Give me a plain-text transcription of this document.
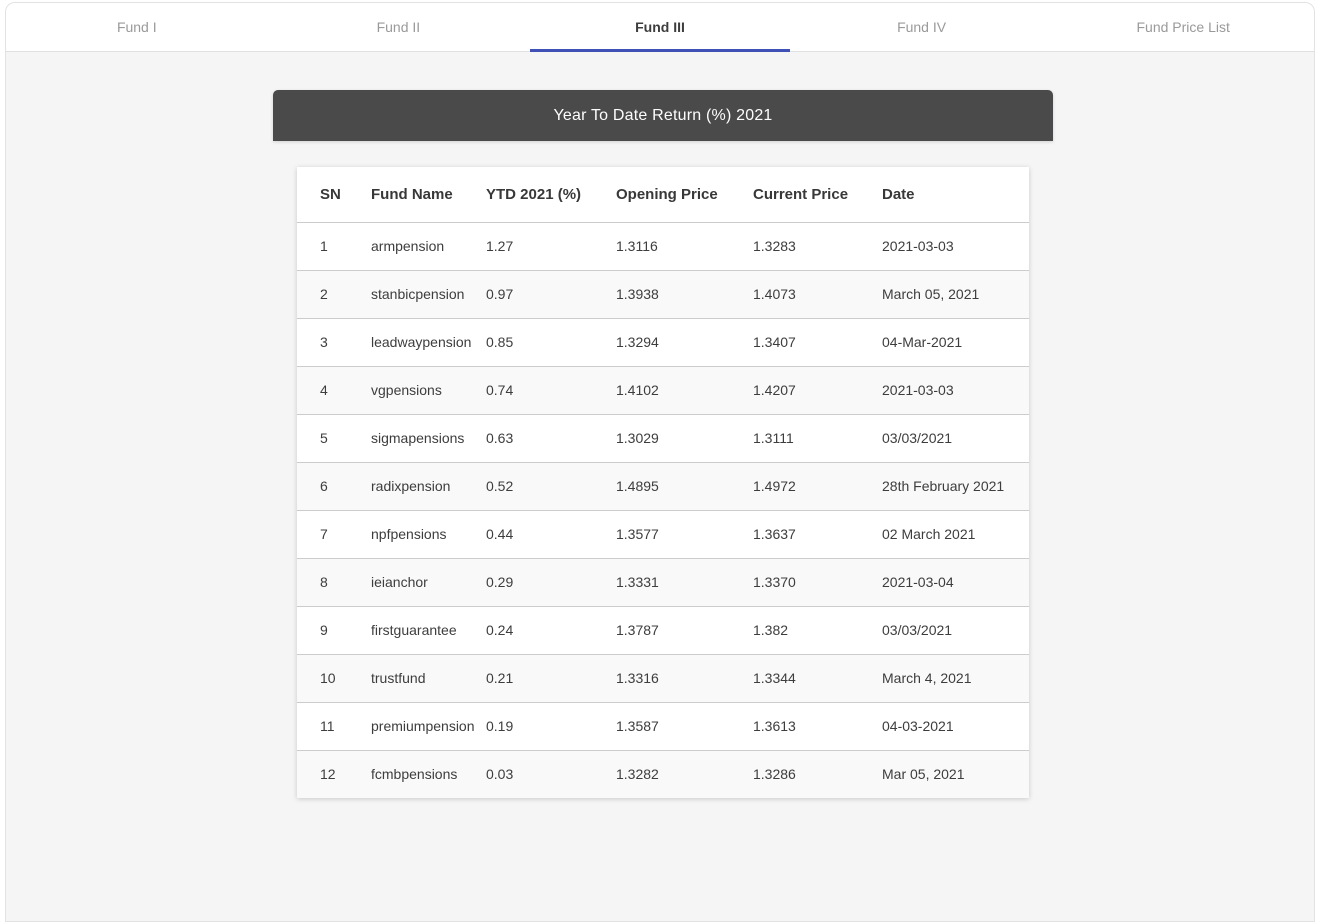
Fund I	Fund II	Fund III	Fund IV	Fund Price List
Year To Date Return (%) 2021
SN	Fund Name	YTD 2021 (%)	Opening Price	Current Price	Date
1	armpension	1.27	1.3116	1.3283	2021-03-03
2	stanbicpension	0.97	1.3938	1.4073	March 05, 2021
3	leadwaypension	0.85	1.3294	1.3407	04-Mar-2021
4	vgpensions	0.74	1.4102	1.4207	2021-03-03
5	sigmapensions	0.63	1.3029	1.3111	03/03/2021
6	radixpension	0.52	1.4895	1.4972	28th February 2021
7	npfpensions	0.44	1.3577	1.3637	02 March 2021
8	ieianchor	0.29	1.3331	1.3370	2021-03-04
9	firstguarantee	0.24	1.3787	1.382	03/03/2021
10	trustfund	0.21	1.3316	1.3344	March 4, 2021
11	premiumpension	0.19	1.3587	1.3613	04-03-2021
12	fcmbpensions	0.03	1.3282	1.3286	Mar 05, 2021
